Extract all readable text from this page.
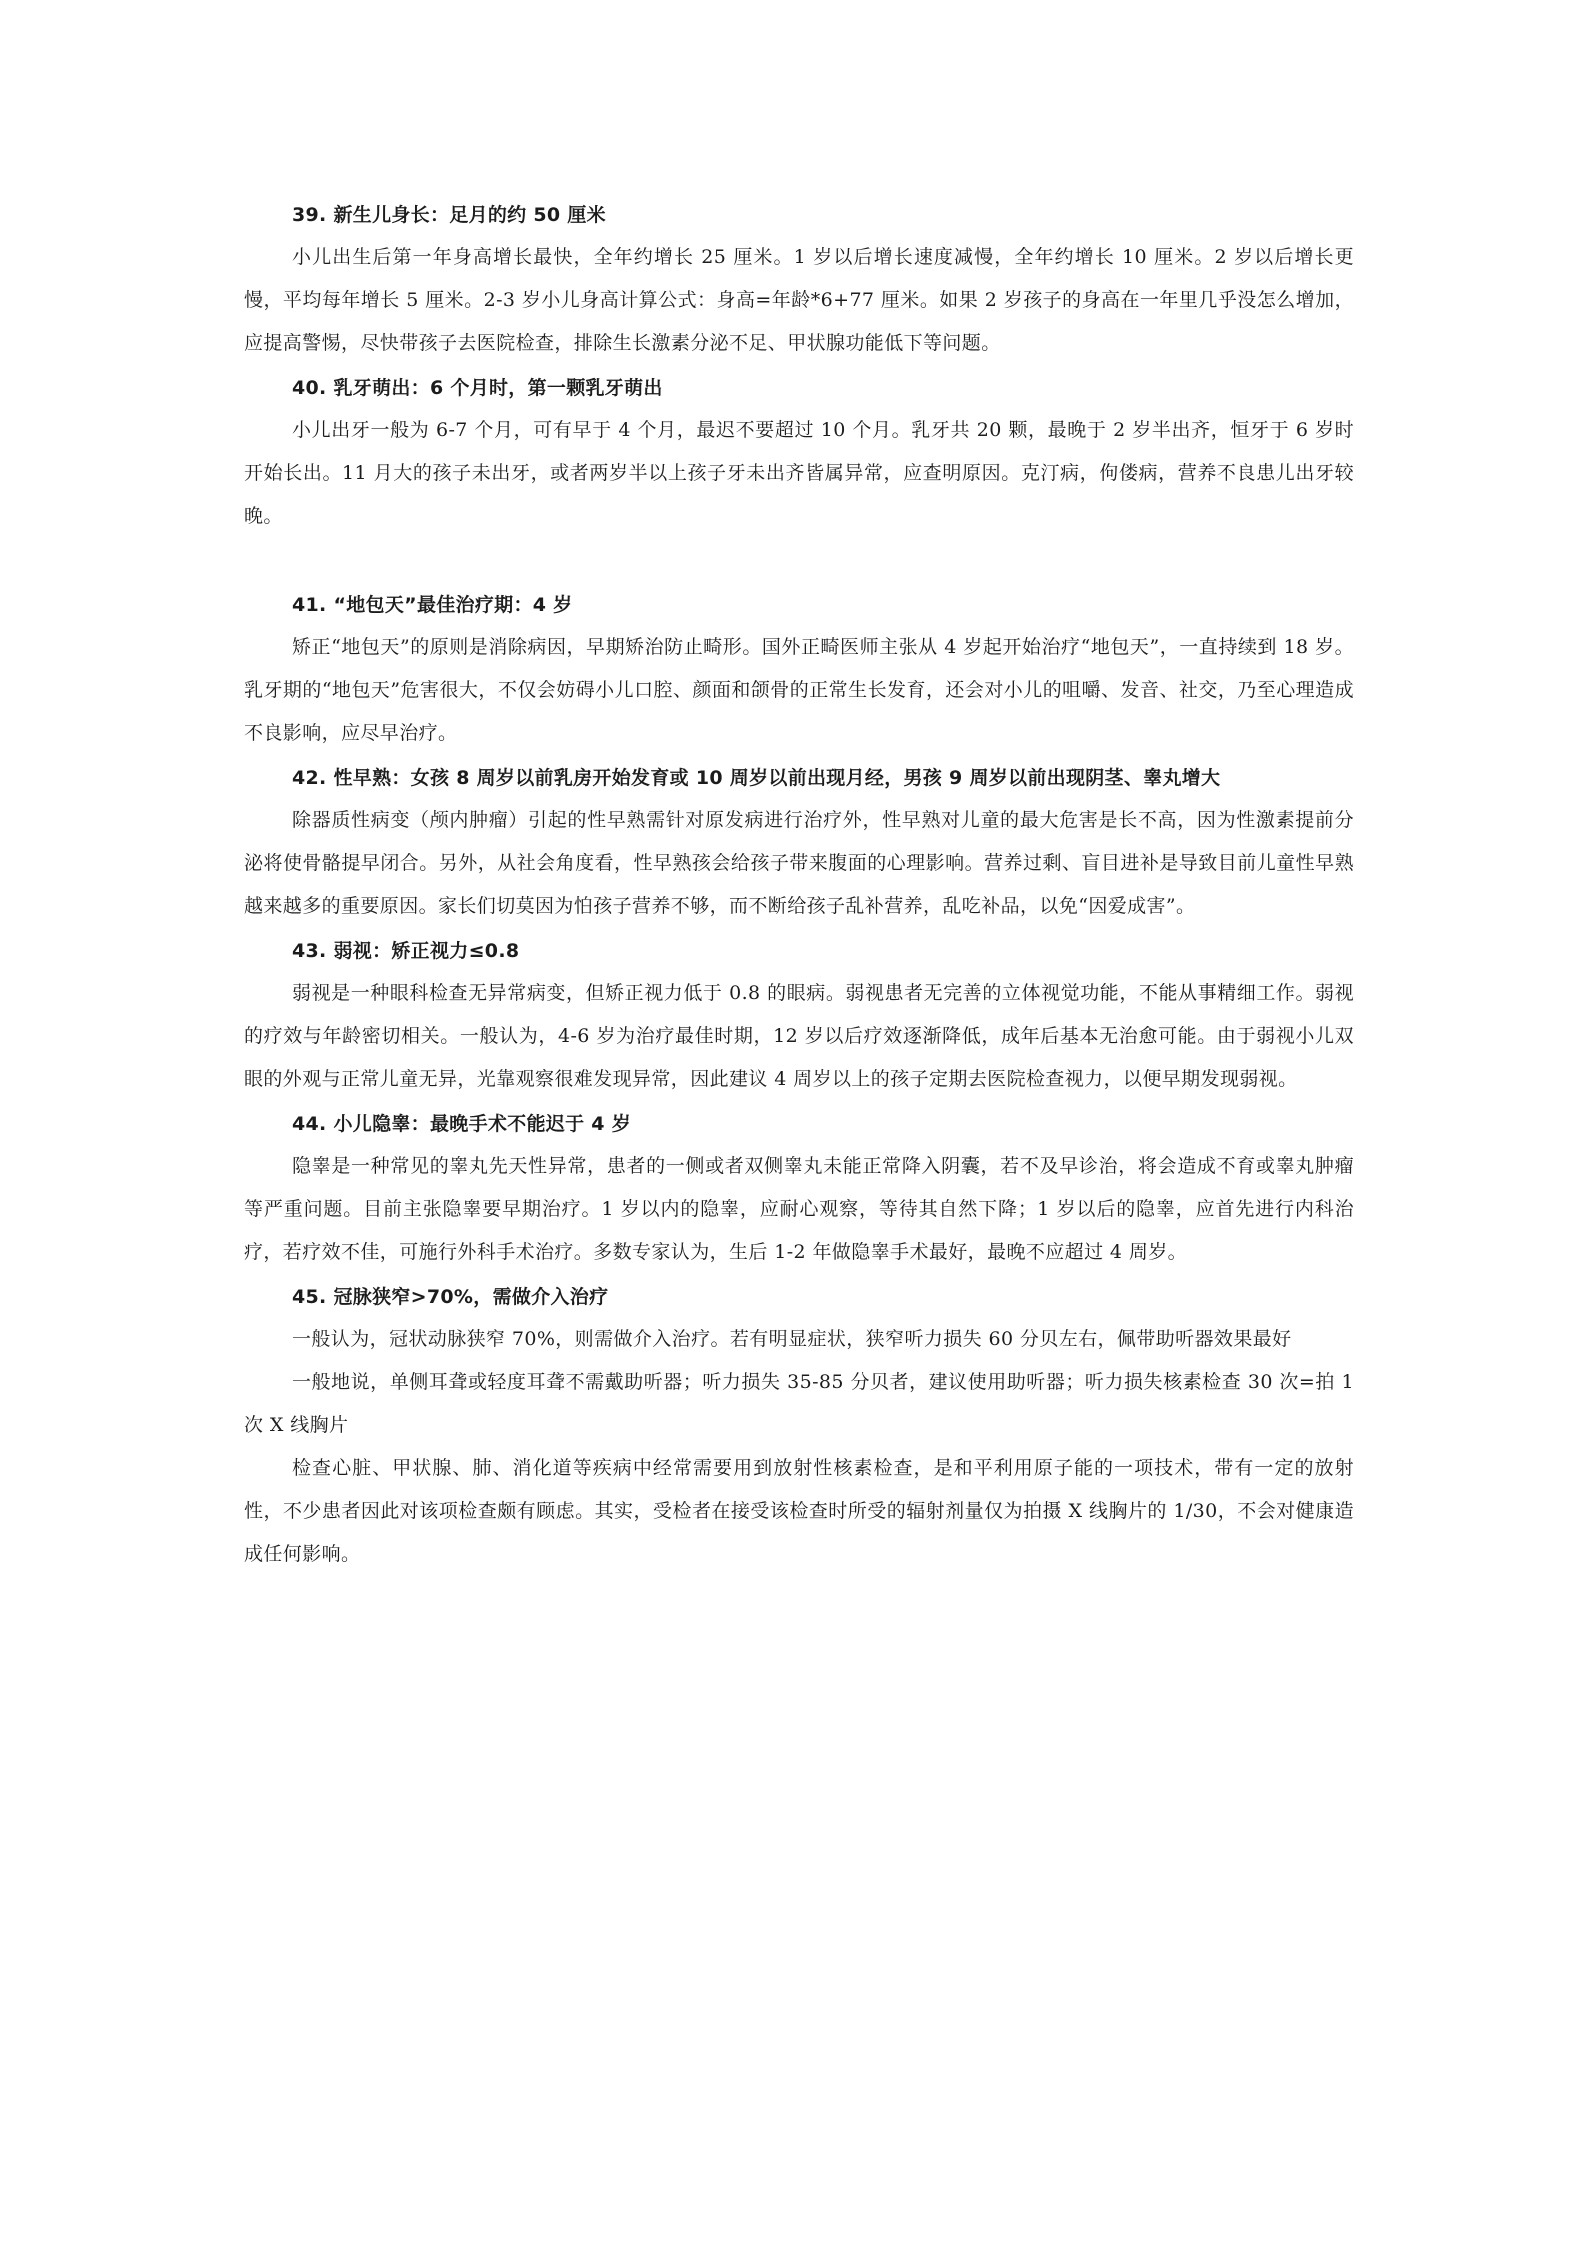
39. 新生儿身长：足月的约 50 厘米

小儿出生后第一年身高增长最快，全年约增长 25 厘米。1 岁以后增长速度减慢，全年约增长 10 厘米。2 岁以后增长更慢，平均每年增长 5 厘米。2-3 岁小儿身高计算公式：身高=年龄*6+77 厘米。如果 2 岁孩子的身高在一年里几乎没怎么增加，应提高警惕，尽快带孩子去医院检查，排除生长激素分泌不足、甲状腺功能低下等问题。

40. 乳牙萌出：6 个月时，第一颗乳牙萌出

小儿出牙一般为 6-7 个月，可有早于 4 个月，最迟不要超过 10 个月。乳牙共 20 颗，最晚于 2 岁半出齐，恒牙于 6 岁时开始长出。11 月大的孩子未出牙，或者两岁半以上孩子牙未出齐皆属异常，应查明原因。克汀病，佝偻病，营养不良患儿出牙较晚。

41. “地包天”最佳治疗期：4 岁

矫正“地包天”的原则是消除病因，早期矫治防止畸形。国外正畸医师主张从 4 岁起开始治疗“地包天”，一直持续到 18 岁。乳牙期的“地包天”危害很大，不仅会妨碍小儿口腔、颜面和颌骨的正常生长发育，还会对小儿的咀嚼、发音、社交，乃至心理造成不良影响，应尽早治疗。

42. 性早熟：女孩 8 周岁以前乳房开始发育或 10 周岁以前出现月经，男孩 9 周岁以前出现阴茎、睾丸增大

除器质性病变（颅内肿瘤）引起的性早熟需针对原发病进行治疗外，性早熟对儿童的最大危害是长不高，因为性激素提前分泌将使骨骼提早闭合。另外，从社会角度看，性早熟孩会给孩子带来腹面的心理影响。营养过剩、盲目进补是导致目前儿童性早熟越来越多的重要原因。家长们切莫因为怕孩子营养不够，而不断给孩子乱补营养，乱吃补品，以免“因爱成害”。

43. 弱视：矫正视力≤0.8

弱视是一种眼科检查无异常病变，但矫正视力低于 0.8 的眼病。弱视患者无完善的立体视觉功能，不能从事精细工作。弱视的疗效与年龄密切相关。一般认为，4-6 岁为治疗最佳时期，12 岁以后疗效逐渐降低，成年后基本无治愈可能。由于弱视小儿双眼的外观与正常儿童无异，光靠观察很难发现异常，因此建议 4 周岁以上的孩子定期去医院检查视力，以便早期发现弱视。

44. 小儿隐睾：最晚手术不能迟于 4 岁

隐睾是一种常见的睾丸先天性异常，患者的一侧或者双侧睾丸未能正常降入阴囊，若不及早诊治，将会造成不育或睾丸肿瘤等严重问题。目前主张隐睾要早期治疗。1 岁以内的隐睾，应耐心观察，等待其自然下降；1 岁以后的隐睾，应首先进行内科治疗，若疗效不佳，可施行外科手术治疗。多数专家认为，生后 1-2 年做隐睾手术最好，最晚不应超过 4 周岁。

45. 冠脉狭窄>70%，需做介入治疗

一般认为，冠状动脉狭窄 70%，则需做介入治疗。若有明显症状，狭窄听力损失 60 分贝左右，佩带助听器效果最好

一般地说，单侧耳聋或轻度耳聋不需戴助听器；听力损失 35-85 分贝者，建议使用助听器；听力损失核素检查 30 次=拍 1 次 X 线胸片

检查心脏、甲状腺、肺、消化道等疾病中经常需要用到放射性核素检查，是和平利用原子能的一项技术，带有一定的放射性，不少患者因此对该项检查颇有顾虑。其实，受检者在接受该检查时所受的辐射剂量仅为拍摄 X 线胸片的 1/30，不会对健康造成任何影响。
